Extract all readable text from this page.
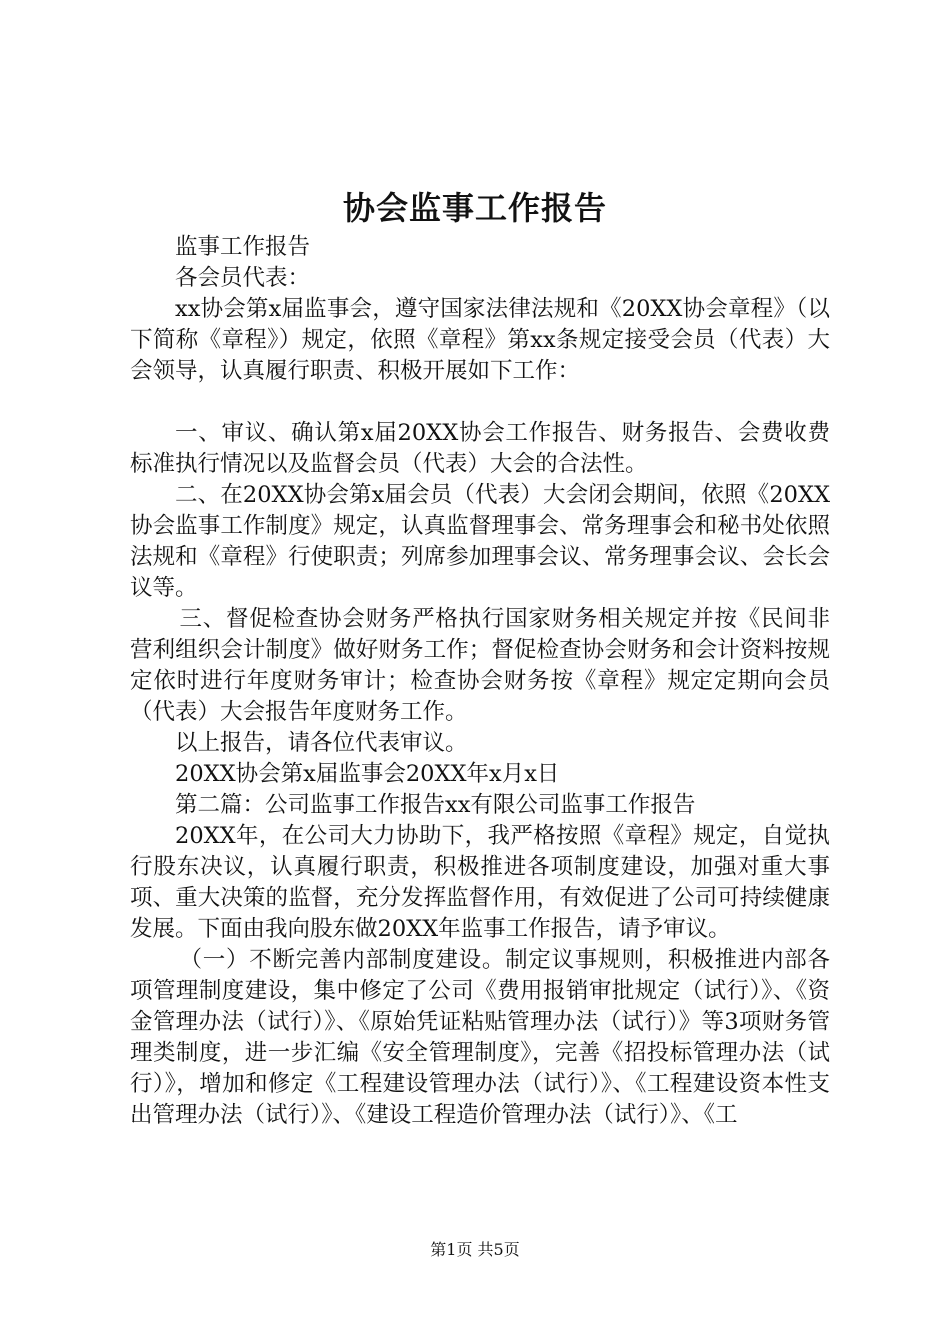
协会监事工作报告

监事工作报告

各会员代表：

xx协会第x届监事会，遵守国家法律法规和《20XX协会章程》（以下简称《章程》）规定，依照《章程》第xx条规定接受会员（代表）大会领导，认真履行职责、积极开展如下工作：

一、审议、确认第x届20XX协会工作报告、财务报告、会费收费标准执行情况以及监督会员（代表）大会的合法性。

二、在20XX协会第x届会员（代表）大会闭会期间，依照《20XX协会监事工作制度》规定，认真监督理事会、常务理事会和秘书处依照法规和《章程》行使职责；列席参加理事会议、常务理事会议、会长会议等。

三、督促检查协会财务严格执行国家财务相关规定并按《民间非营利组织会计制度》做好财务工作；督促检查协会财务和会计资料按规定依时进行年度财务审计；检查协会财务按《章程》规定定期向会员（代表）大会报告年度财务工作。

以上报告，请各位代表审议。

20XX协会第x届监事会20XX年x月x日

第二篇：公司监事工作报告xx有限公司监事工作报告

20XX年，在公司大力协助下，我严格按照《章程》规定，自觉执行股东决议，认真履行职责，积极推进各项制度建设，加强对重大事项、重大决策的监督，充分发挥监督作用，有效促进了公司可持续健康发展。下面由我向股东做20XX年监事工作报告，请予审议。

（一）不断完善内部制度建设。制定议事规则，积极推进内部各项管理制度建设，集中修定了公司《费用报销审批规定（试行）》、《资金管理办法（试行）》、《原始凭证粘贴管理办法（试行）》等3项财务管理类制度，进一步汇编《安全管理制度》，完善《招投标管理办法（试行）》，增加和修定《工程建设管理办法（试行）》、《工程建设资本性支出管理办法（试行）》、《建设工程造价管理办法（试行）》、《工

第1页 共5页
